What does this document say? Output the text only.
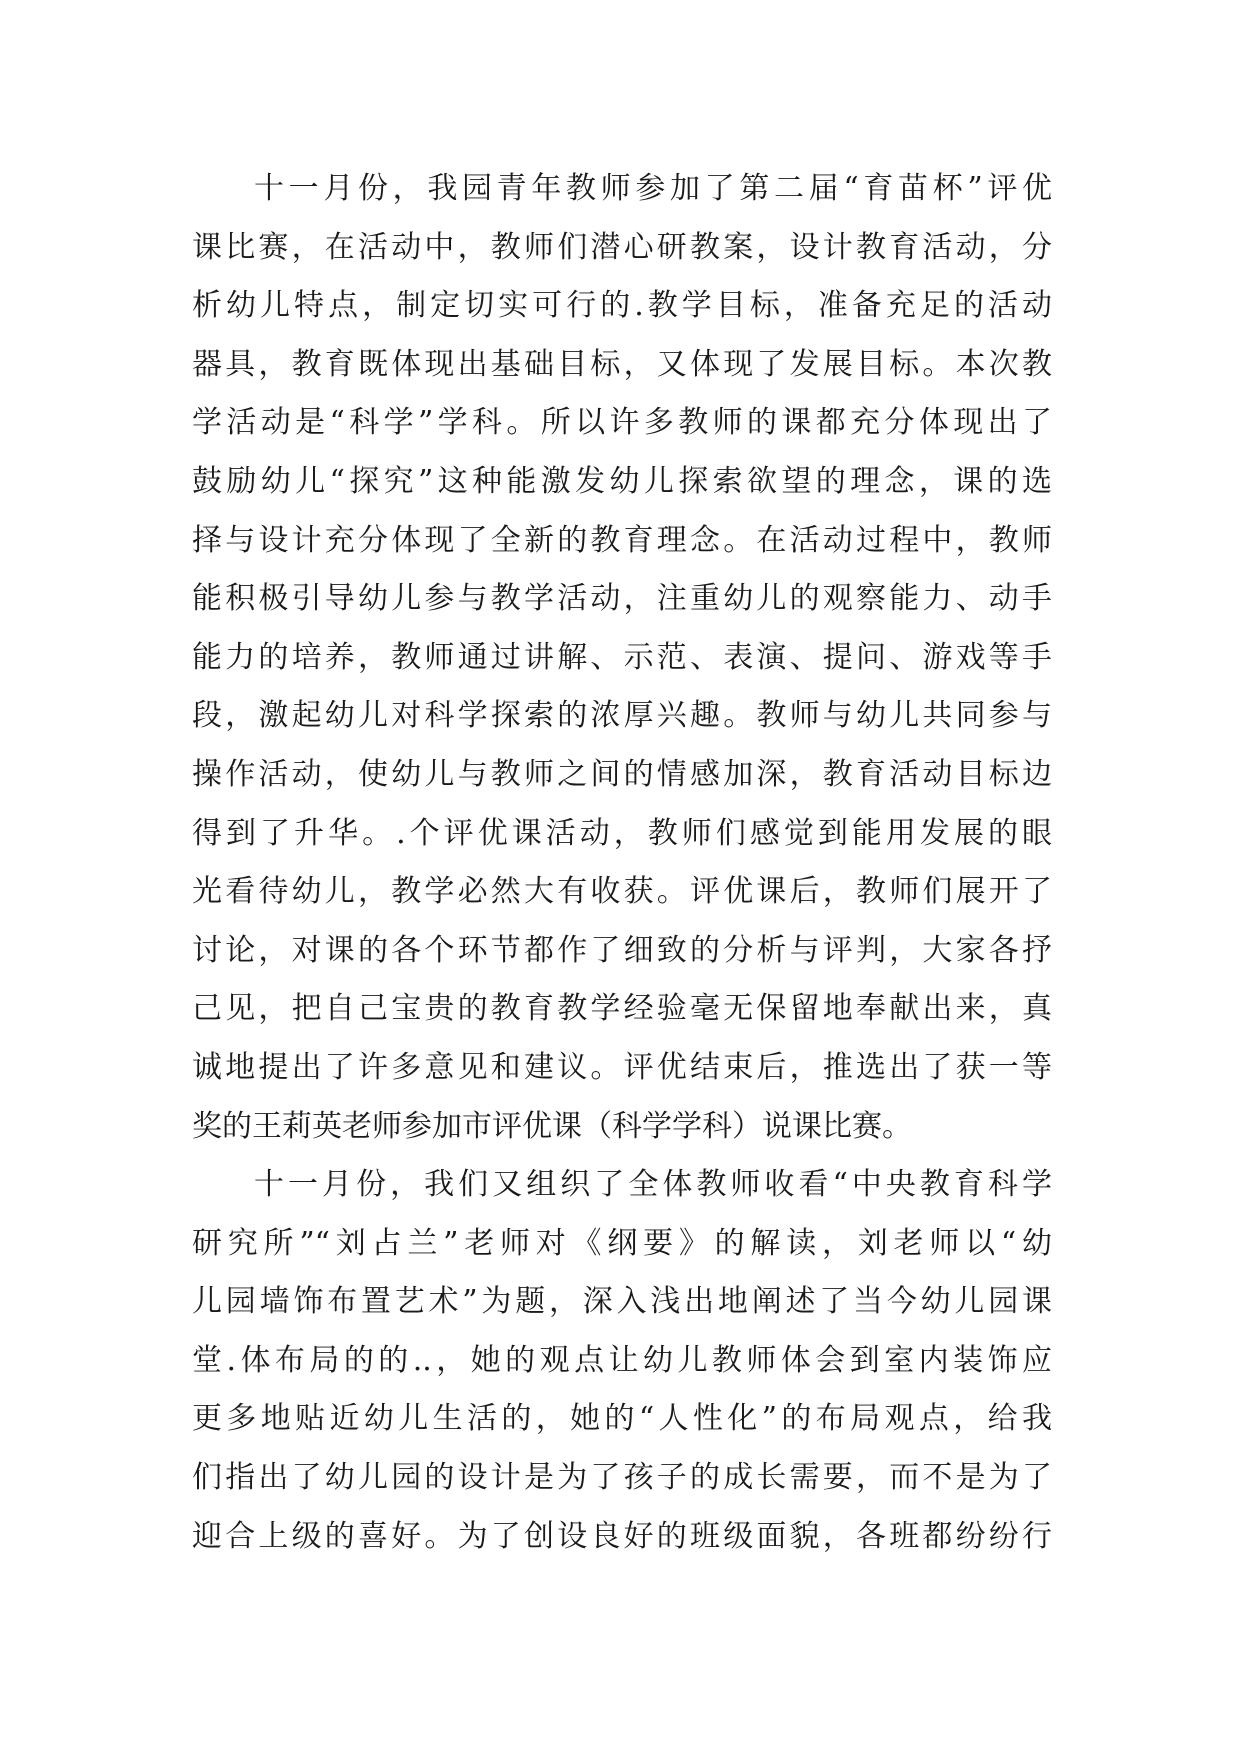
十一月份，我园青年教师参加了第二届“育苗杯”评优
课比赛，在活动中，教师们潜心研教案，设计教育活动，分
析幼儿特点，制定切实可行的.教学目标，准备充足的活动
器具，教育既体现出基础目标，又体现了发展目标。本次教
学活动是“科学”学科。所以许多教师的课都充分体现出了
鼓励幼儿“探究”这种能激发幼儿探索欲望的理念，课的选
择与设计充分体现了全新的教育理念。在活动过程中，教师
能积极引导幼儿参与教学活动，注重幼儿的观察能力、动手
能力的培养，教师通过讲解、示范、表演、提问、游戏等手
段，激起幼儿对科学探索的浓厚兴趣。教师与幼儿共同参与
操作活动，使幼儿与教师之间的情感加深，教育活动目标边
得到了升华。.个评优课活动，教师们感觉到能用发展的眼
光看待幼儿，教学必然大有收获。评优课后，教师们展开了
讨论，对课的各个环节都作了细致的分析与评判，大家各抒
己见，把自己宝贵的教育教学经验毫无保留地奉献出来，真
诚地提出了许多意见和建议。评优结束后，推选出了获一等
奖的王莉英老师参加市评优课（科学学科）说课比赛。
十一月份，我们又组织了全体教师收看“中央教育科学
研究所”“刘占兰”老师对《纲要》的解读，刘老师以“幼
儿园墙饰布置艺术”为题，深入浅出地阐述了当今幼儿园课
堂.体布局的的..，她的观点让幼儿教师体会到室内装饰应
更多地贴近幼儿生活的，她的“人性化”的布局观点，给我
们指出了幼儿园的设计是为了孩子的成长需要，而不是为了
迎合上级的喜好。为了创设良好的班级面貌，各班都纷纷行
